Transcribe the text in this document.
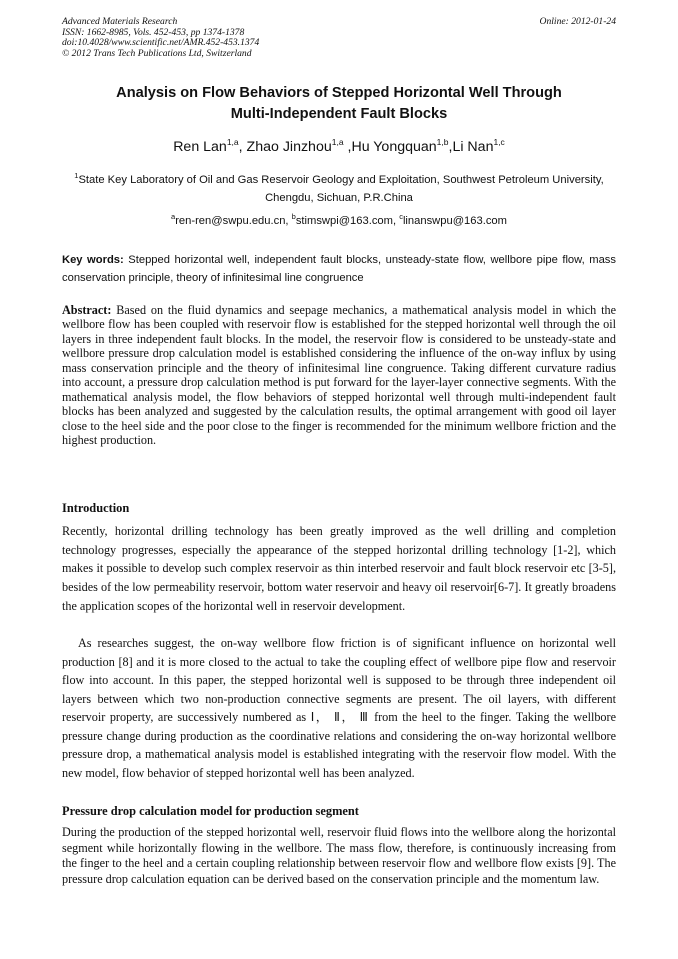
Advanced Materials Research
ISSN: 1662-8985, Vols. 452-453, pp 1374-1378
doi:10.4028/www.scientific.net/AMR.452-453.1374
© 2012 Trans Tech Publications Ltd, Switzerland
Online: 2012-01-24
Analysis on Flow Behaviors of Stepped Horizontal Well Through
Multi-Independent Fault Blocks
Ren Lan$^{1,a}$, Zhao Jinzhou$^{1,a}$ ,Hu Yongquan$^{1,b}$,Li Nan$^{1,c}$
$^1$State Key Laboratory of Oil and Gas Reservoir Geology and Exploitation, Southwest Petroleum University, Chengdu, Sichuan, P.R.China
$^a$ren-ren@swpu.edu.cn, $^b$stimswpi@163.com, $^c$linanswpu@163.com
Key words: Stepped horizontal well, independent fault blocks, unsteady-state flow, wellbore pipe flow, mass conservation principle, theory of infinitesimal line congruence
Abstract: Based on the fluid dynamics and seepage mechanics, a mathematical analysis model in which the wellbore flow has been coupled with reservoir flow is established for the stepped horizontal well through the oil layers in three independent fault blocks. In the model, the reservoir flow is considered to be unsteady-state and wellbore pressure drop calculation model is established considering the influence of the on-way influx by using mass conservation principle and the theory of infinitesimal line congruence. Taking different curvature radius into account, a pressure drop calculation method is put forward for the layer-layer connective segments. With the mathematical analysis model, the flow behaviors of stepped horizontal well through multi-independent fault blocks has been analyzed and suggested by the calculation results, the optimal arrangement with good oil layer close to the heel side and the poor close to the finger is recommended for the minimum wellbore friction and the highest production.
Introduction
Recently, horizontal drilling technology has been greatly improved as the well drilling and completion technology progresses, especially the appearance of the stepped horizontal drilling technology [1-2], which makes it possible to develop such complex reservoir as thin interbed reservoir and fault block reservoir etc [3-5], besides of the low permeability reservoir, bottom water reservoir and heavy oil reservoir[6-7]. It greatly broadens the application scopes of the horizontal well in reservoir development.
As researches suggest, the on-way wellbore flow friction is of significant influence on horizontal well production [8] and it is more closed to the actual to take the coupling effect of wellbore pipe flow and reservoir flow into account. In this paper, the stepped horizontal well is supposed to be through three independent oil layers between which two non-production connective segments are present. The oil layers, with different reservoir property, are successively numbered as Ⅰ， Ⅱ， Ⅲ from the heel to the finger. Taking the wellbore pressure change during production as the coordinative relations and considering the on-way horizontal wellbore pressure drop, a mathematical analysis model is established integrating with the reservoir flow model. With the new model, flow behavior of stepped horizontal well has been analyzed.
Pressure drop calculation model for production segment
During the production of the stepped horizontal well, reservoir fluid flows into the wellbore along the horizontal segment while horizontally flowing in the wellbore. The mass flow, therefore, is continuously increasing from the finger to the heel and a certain coupling relationship between reservoir flow and wellbore flow exists [9]. The pressure drop calculation equation can be derived based on the conservation principle and the momentum law.
